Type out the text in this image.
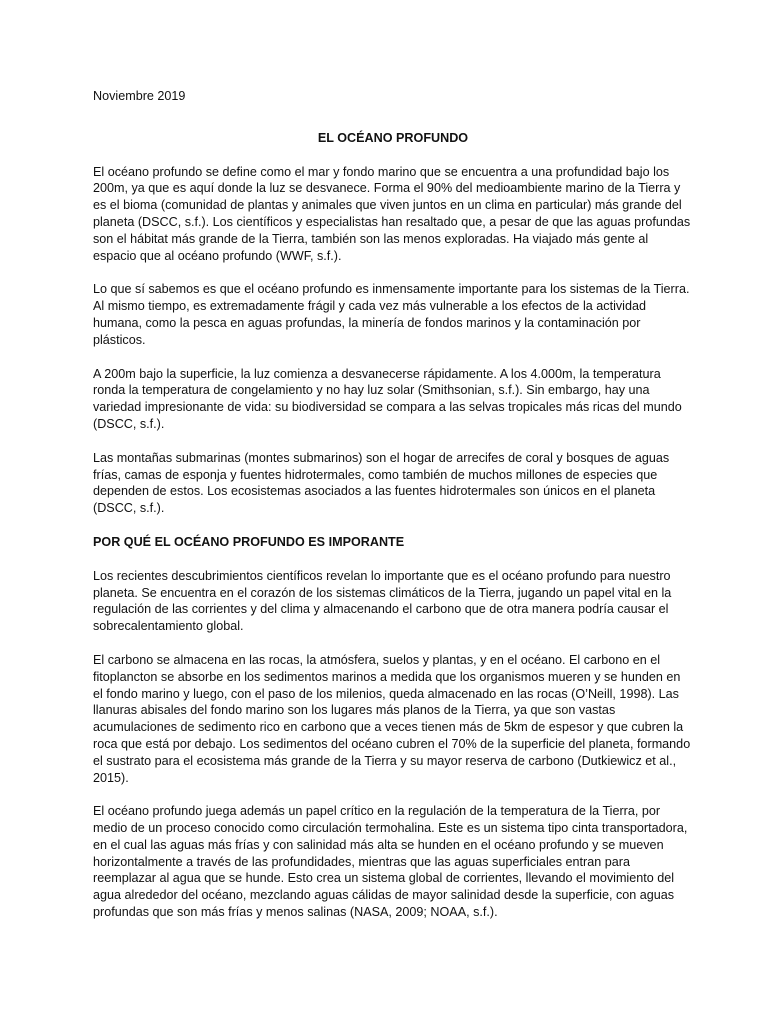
Noviembre 2019
EL OCÉANO PROFUNDO

El océano profundo se define como el mar y fondo marino que se encuentra a una profundidad bajo los 200m, ya que es aquí donde la luz se desvanece. Forma el 90% del medioambiente marino de la Tierra y es el bioma (comunidad de plantas y animales que viven juntos en un clima en particular) más grande del planeta (DSCC, s.f.). Los científicos y especialistas han resaltado que, a pesar de que las aguas profundas son el hábitat más grande de la Tierra, también son las menos exploradas. Ha viajado más gente al espacio que al océano profundo (WWF, s.f.).

Lo que sí sabemos es que el océano profundo es inmensamente importante para los sistemas de la Tierra. Al mismo tiempo, es extremadamente frágil y cada vez más vulnerable a los efectos de la actividad humana, como la pesca en aguas profundas, la minería de fondos marinos y la contaminación por plásticos.

A 200m bajo la superficie, la luz comienza a desvanecerse rápidamente. A los 4.000m, la temperatura ronda la temperatura de congelamiento y no hay luz solar (Smithsonian, s.f.). Sin embargo, hay una variedad impresionante de vida: su biodiversidad se compara a las selvas tropicales más ricas del mundo (DSCC, s.f.).

Las montañas submarinas (montes submarinos) son el hogar de arrecifes de coral y bosques de aguas frías, camas de esponja y fuentes hidrotermales, como también de muchos millones de especies que dependen de estos. Los ecosistemas asociados a las fuentes hidrotermales son únicos en el planeta (DSCC, s.f.).

POR QUÉ EL OCÉANO PROFUNDO ES IMPORANTE

Los recientes descubrimientos científicos revelan lo importante que es el océano profundo para nuestro planeta. Se encuentra en el corazón de los sistemas climáticos de la Tierra, jugando un papel vital en la regulación de las corrientes y del clima y almacenando el carbono que de otra manera podría causar el sobrecalentamiento global.

El carbono se almacena en las rocas, la atmósfera, suelos y plantas, y en el océano. El carbono en el fitoplancton se absorbe en los sedimentos marinos a medida que los organismos mueren y se hunden en el fondo marino y luego, con el paso de los milenios, queda almacenado en las rocas (O’Neill, 1998). Las llanuras abisales del fondo marino son los lugares más planos de la Tierra, ya que son vastas acumulaciones de sedimento rico en carbono que a veces tienen más de 5km de espesor y que cubren la roca que está por debajo. Los sedimentos del océano cubren el 70% de la superficie del planeta, formando el sustrato para el ecosistema más grande de la Tierra y su mayor reserva de carbono (Dutkiewicz et al., 2015).

El océano profundo juega además un papel crítico en la regulación de la temperatura de la Tierra, por medio de un proceso conocido como circulación termohalina. Este es un sistema tipo cinta transportadora, en el cual las aguas más frías y con salinidad más alta se hunden en el océano profundo y se mueven horizontalmente a través de las profundidades, mientras que las aguas superficiales entran para reemplazar al agua que se hunde. Esto crea un sistema global de corrientes, llevando el movimiento del agua alrededor del océano, mezclando aguas cálidas de mayor salinidad desde la superficie, con aguas profundas que son más frías y menos salinas (NASA, 2009; NOAA, s.f.).
